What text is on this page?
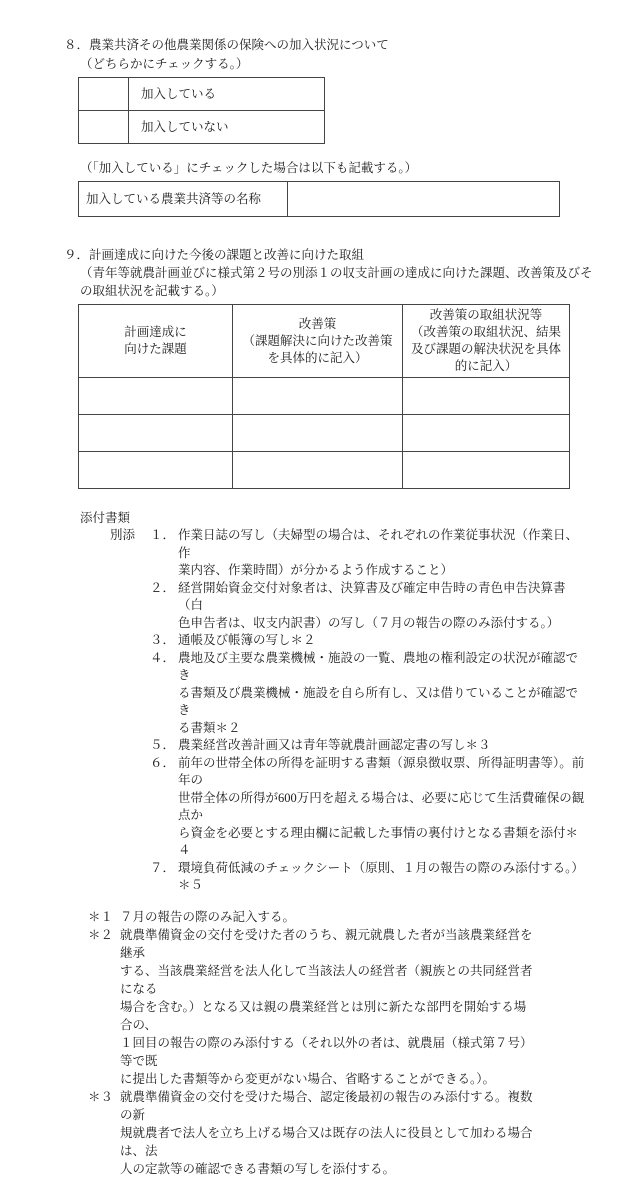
８．農業共済その他農業関係の保険への加入状況について
（どちらかにチェックする。）
	加入している
	加入していない
（「加入している」にチェックした場合は以下も記載する。）
加入している農業共済等の名称	
９．計画達成に向けた今後の課題と改善に向けた取組
（青年等就農計画並びに様式第２号の別添１の収支計画の達成に向けた課題、改善策及びそ
の取組状況を記載する。）
計画達成に
向けた課題	改善策
（課題解決に向けた改善策
を具体的に記入）	改善策の取組状況等
（改善策の取組状況、結果
及び課題の解決状況を具体
的に記入）

添付書類
別添	１． 作業日誌の写し（夫婦型の場合は、それぞれの作業従事状況（作業日、作
業内容、作業時間）が分かるよう作成すること）
２． 経営開始資金交付対象者は、決算書及び確定申告時の青色申告決算書（白
色申告者は、収支内訳書）の写し（７月の報告の際のみ添付する。）
３． 通帳及び帳簿の写し＊２
４． 農地及び主要な農業機械・施設の一覧、農地の権利設定の状況が確認でき
る書類及び農業機械・施設を自ら所有し、又は借りていることが確認でき
る書類＊２
５． 農業経営改善計画又は青年等就農計画認定書の写し＊３
６． 前年の世帯全体の所得を証明する書類（源泉徴収票、所得証明書等）。前年の
世帯全体の所得が600万円を超える場合は、必要に応じて生活費確保の観点か
ら資金を必要とする理由欄に記載した事情の裏付けとなる書類を添付＊４
７． 環境負荷低減のチェックシート（原則、１月の報告の際のみ添付する。）＊５
＊１ ７月の報告の際のみ記入する。
＊２ 就農準備資金の交付を受けた者のうち、親元就農した者が当該農業経営を継承
する、当該農業経営を法人化して当該法人の経営者（親族との共同経営者になる
場合を含む。）となる又は親の農業経営とは別に新たな部門を開始する場合の、
１回目の報告の際のみ添付する（それ以外の者は、就農届（様式第７号）等で既
に提出した書類等から変更がない場合、省略することができる。）。
＊３ 就農準備資金の交付を受けた場合、認定後最初の報告のみ添付する。複数の新
規就農者で法人を立ち上げる場合又は既存の法人に役員として加わる場合は、法
人の定款等の確認できる書類の写しを添付する。
